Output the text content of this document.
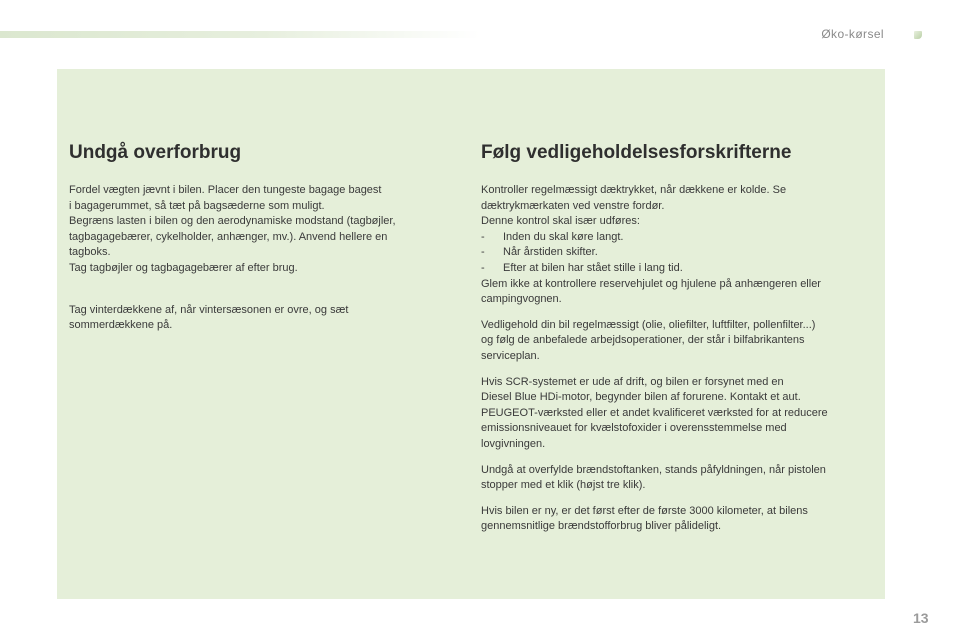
Øko-kørsel
Undgå overforbrug

Fordel vægten jævnt i bilen. Placer den tungeste bagage bagest
i bagagerummet, så tæt på bagsæderne som muligt.
Begræns lasten i bilen og den aerodynamiske modstand (tagbøjler,
tagbagagebærer, cykelholder, anhænger, mv.). Anvend hellere en
tagboks.
Tag tagbøjler og tagbagagebærer af efter brug.

Tag vinterdækkene af, når vintersæsonen er ovre, og sæt
sommerdækkene på.

Følg vedligeholdelsesforskrifterne

Kontroller regelmæssigt dæktrykket, når dækkene er kolde. Se
dæktrykmærkaten ved venstre fordør.
Denne kontrol skal især udføres:

- Inden du skal køre langt.
- Når årstiden skifter.
- Efter at bilen har stået stille i lang tid.

Glem ikke at kontrollere reservehjulet og hjulene på anhængeren eller
campingvognen.

Vedligehold din bil regelmæssigt (olie, oliefilter, luftfilter, pollenfilter...)
og følg de anbefalede arbejdsoperationer, der står i bilfabrikantens
serviceplan.

Hvis SCR-systemet er ude af drift, og bilen er forsynet med en
Diesel Blue HDi-motor, begynder bilen af forurene. Kontakt et aut.
PEUGEOT-værksted eller et andet kvalificeret værksted for at reducere
emissionsniveauet for kvælstofoxider i overensstemmelse med
lovgivningen.

Undgå at overfylde brændstoftanken, stands påfyldningen, når pistolen
stopper med et klik (højst tre klik).

Hvis bilen er ny, er det først efter de første 3000 kilometer, at bilens
gennemsnitlige brændstofforbrug bliver pålideligt.

13
